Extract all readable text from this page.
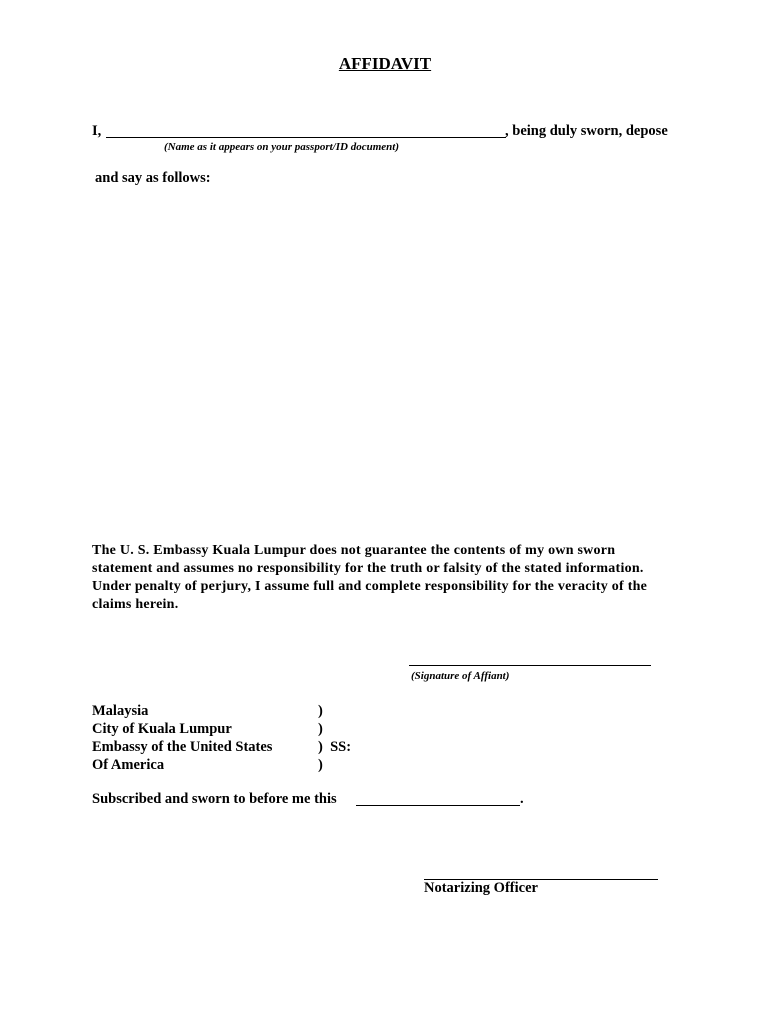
AFFIDAVIT
I,	, being duly sworn, depose
(Name as it appears on your passport/ID document)
and say as follows:
The U. S. Embassy Kuala Lumpur does not guarantee the contents of my own sworn
statement and assumes no responsibility for the truth or falsity of the stated information.
Under penalty of perjury, I assume full and complete responsibility for the veracity of the
claims herein.
(Signature of Affiant)
Malaysia	)
City of Kuala Lumpur	)
Embassy of the United States	)  SS:
Of America	)
Subscribed and sworn to before me this	.
Notarizing Officer
